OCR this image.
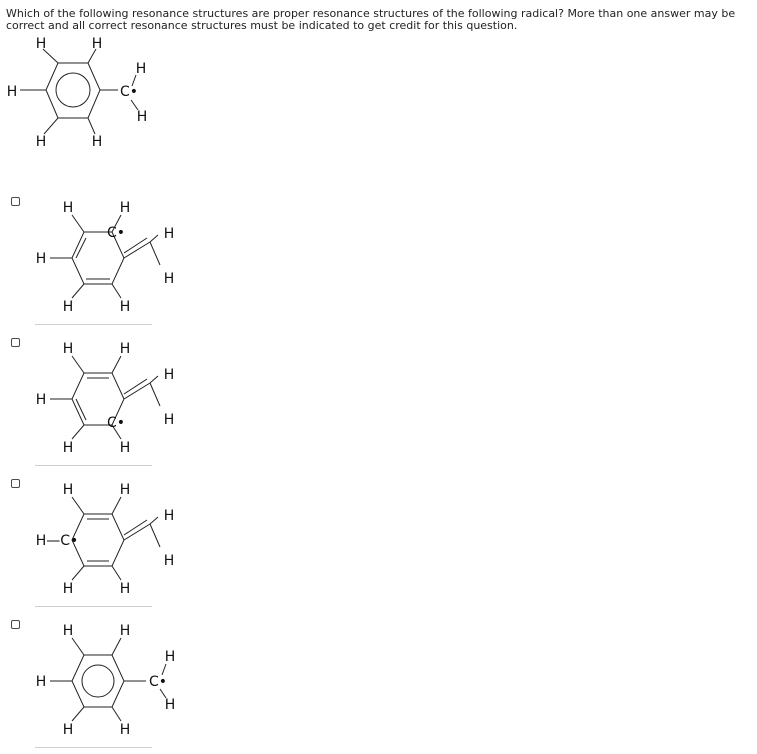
Which of the following resonance structures are proper resonance structures of the following radical? More than one answer may be correct and all correct resonance structures must be indicated to get credit for this question.
H	H
H
H	H
C•
H
H
H	H
C•
H
H
H
H	H
H	H
H
H
H
C•
H	H
H	H
H—C•
H
H
H	H
H	H
H
H
C•
H
H	H
